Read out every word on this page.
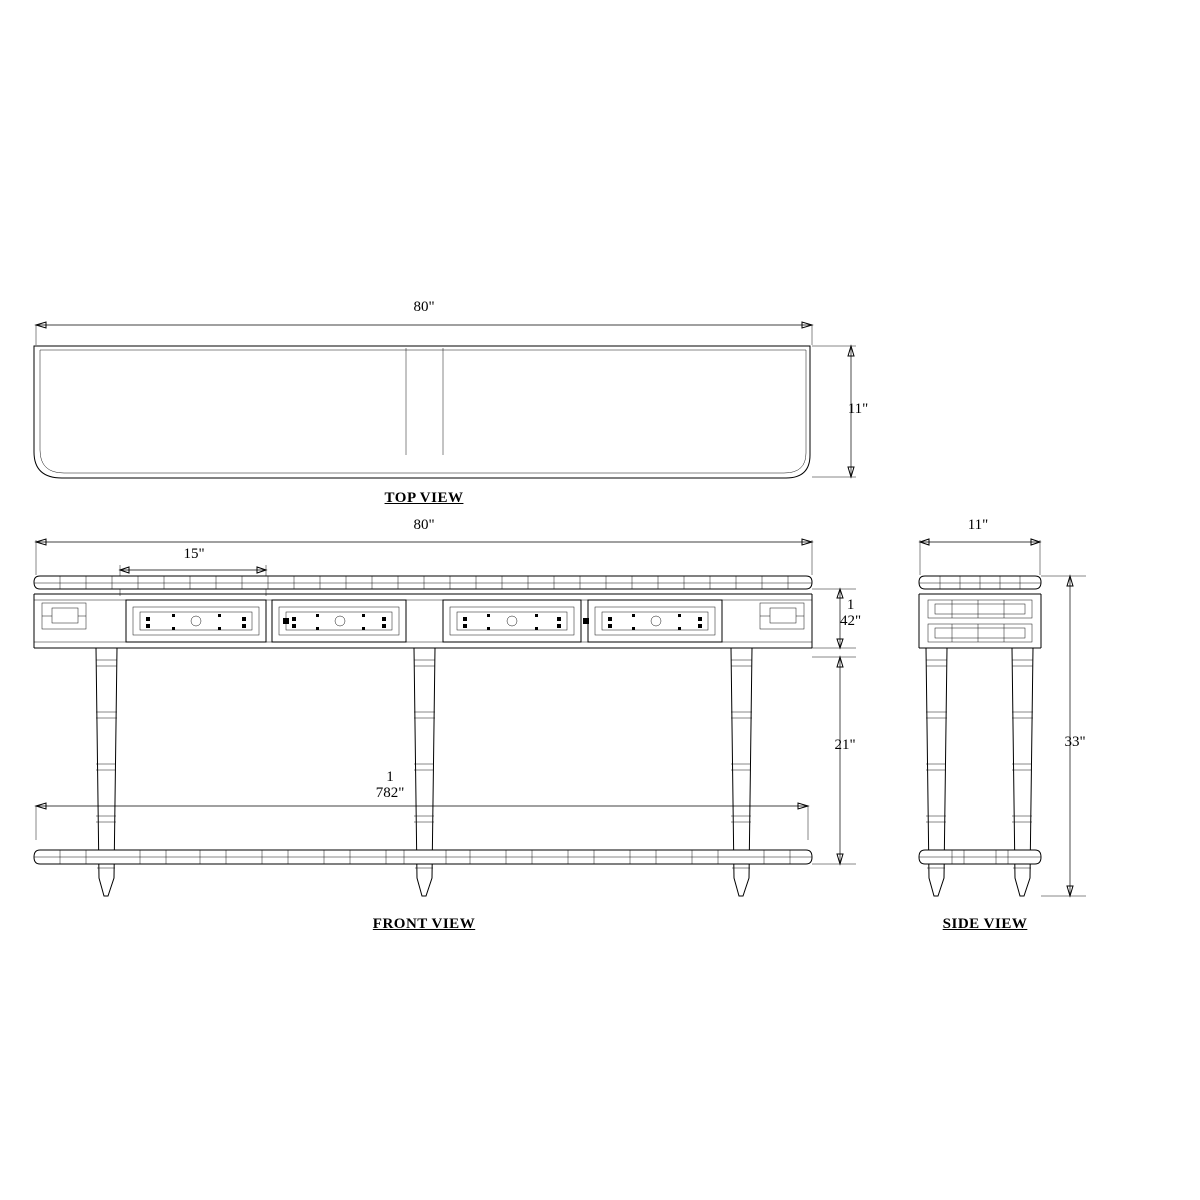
80"
11"
TOP VIEW
80"
15"
1
42"
21"
1
782"
FRONT VIEW
11"
33"
SIDE VIEW
